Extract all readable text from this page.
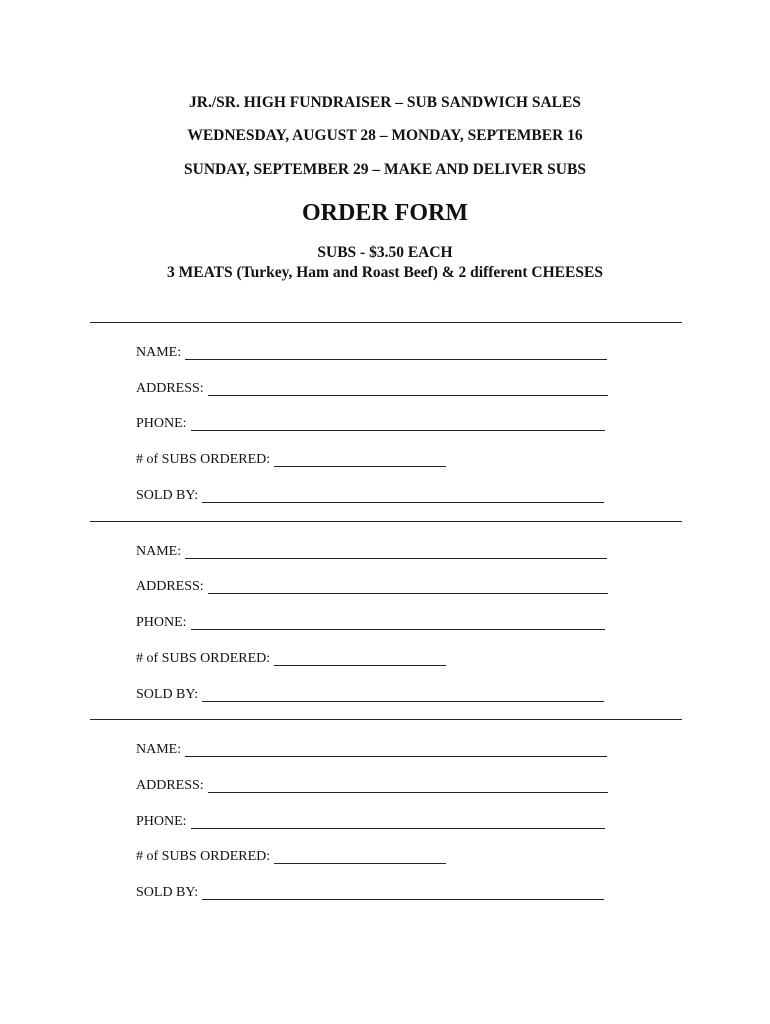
JR./SR. HIGH FUNDRAISER – SUB SANDWICH SALES
WEDNESDAY, AUGUST 28 – MONDAY, SEPTEMBER 16
SUNDAY, SEPTEMBER 29 – MAKE AND DELIVER SUBS
ORDER FORM
SUBS - $3.50 EACH
3 MEATS (Turkey, Ham and Roast Beef) & 2 different CHEESES
NAME:
ADDRESS:
PHONE:
# of SUBS ORDERED:
SOLD BY:
NAME:
ADDRESS:
PHONE:
# of SUBS ORDERED:
SOLD BY:
NAME:
ADDRESS:
PHONE:
# of SUBS ORDERED:
SOLD BY:
